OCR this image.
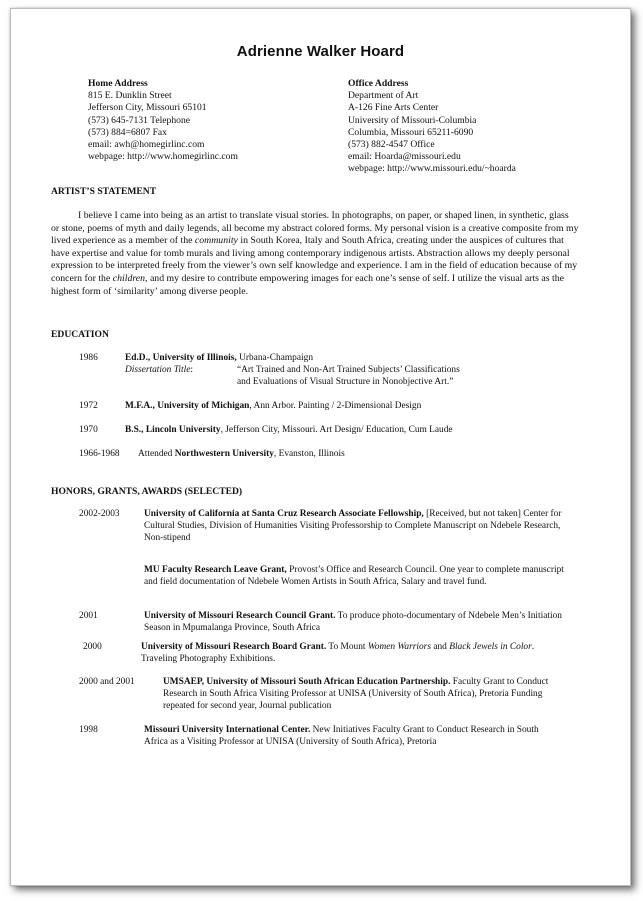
Adrienne Walker Hoard
Home Address
815 E. Dunklin Street
Jefferson City, Missouri 65101
(573) 645-7131 Telephone
(573) 884=6807 Fax
email: awh@homegirlinc.com
webpage: http://www.homegirlinc.com
Office Address
Department of Art
A-126 Fine Arts Center
University of Missouri-Columbia
Columbia, Missouri 65211-6090
(573) 882-4547 Office
email: Hoarda@missouri.edu
webpage: http://www.missouri.edu/~hoarda
ARTIST’S STATEMENT

I believe I came into being as an artist to translate visual stories. In photographs, on paper, or shaped linen, in synthetic, glass or stone, poems of myth and daily legends, all become my abstract colored forms. My personal vision is a creative composite from my lived experience as a member of the community in South Korea, Italy and South Africa, creating under the auspices of cultures that have expertise and value for tomb murals and living among contemporary indigenous artists. Abstraction allows my deeply personal expression to be interpreted freely from the viewer’s own self knowledge and experience. I am in the field of education because of my concern for the children, and my desire to contribute empowering images for each one’s sense of self. I utilize the visual arts as the highest form of ‘similarity’ among diverse people.

EDUCATION
1986	Ed.D., University of Illinois, Urbana-Champaign
Dissertation Title:	“Art Trained and Non-Art Trained Subjects’ Classifications
and Evaluations of Visual Structure in Nonobjective Art.”
1972	M.F.A., University of Michigan, Ann Arbor. Painting / 2-Dimensional Design
1970	B.S., Lincoln University, Jefferson City, Missouri. Art Design/ Education, Cum Laude
1966-1968 Attended Northwestern University, Evanston, Illinois
HONORS, GRANTS, AWARDS (SELECTED)
2002-2003	University of California at Santa Cruz Research Associate Fellowship, [Received, but not taken] Center for Cultural Studies, Division of Humanities Visiting Professorship to Complete Manuscript on Ndebele Research, Non-stipend
MU Faculty Research Leave Grant, Provost’s Office and Research Council. One year to complete manuscript and field documentation of Ndebele Women Artists in South Africa, Salary and travel fund.
2001	University of Missouri Research Council Grant. To produce photo-documentary of Ndebele Men’s Initiation Season in Mpumalanga Province, South Africa
2000	University of Missouri Research Board Grant. To Mount Women Warriors and Black Jewels in Color. Traveling Photography Exhibitions.
2000 and 2001	UMSAEP, University of Missouri South African Education Partnership. Faculty Grant to Conduct Research in South Africa Visiting Professor at UNISA (University of South Africa), Pretoria Funding repeated for second year, Journal publication
1998	Missouri University International Center. New Initiatives Faculty Grant to Conduct Research in South Africa as a Visiting Professor at UNISA (University of South Africa), Pretoria
